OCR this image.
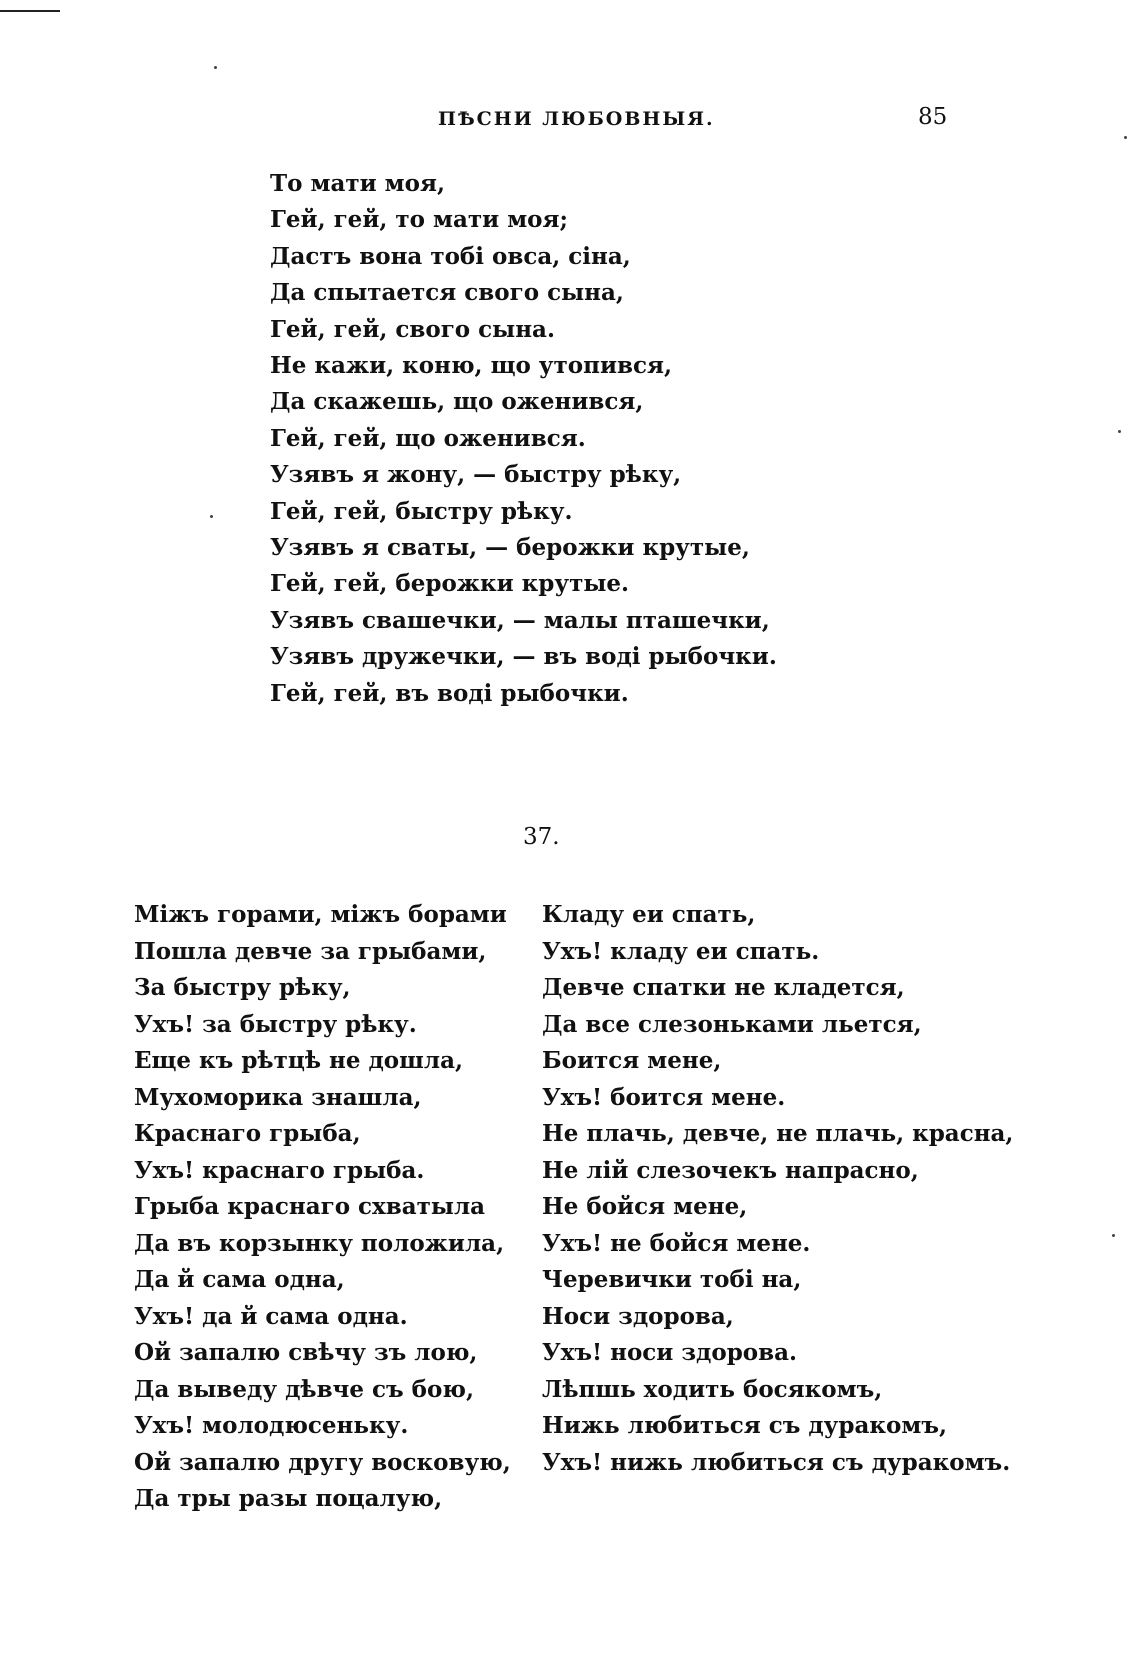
ПѢСНИ ЛЮБОВНЫЯ.	85
То мати моя,
Гей, гей, то мати моя;
Дастъ вона тобі овса, сіна,
Да спытается свого сына,
Гей, гей, свого сына.
Не кажи, коню, що утопився,
Да скажешь, що оженився,
Гей, гей, що оженився.
Узявъ я жону, — быстру рѣку,
Гей, гей, быстру рѣку.
Узявъ я сваты, — берожки крутые,
Гей, гей, берожки крутые.
Узявъ свашечки, — малы пташечки,
Узявъ дружечки, — въ воді рыбочки.
Гей, гей, въ воді рыбочки.
37.
Міжъ горами, міжъ борами
Пошла девче за грыбами,
За быстру рѣку,
Ухъ! за быстру рѣку.
Еще къ рѣтцѣ не дошла,
Мухоморика знашла,
Краснаго грыба,
Ухъ! краснаго грыба.
Грыба краснаго схватыла
Да въ корзынку положила,
Да й сама одна,
Ухъ! да й сама одна.
Ой запалю свѣчу зъ лою,
Да выведу дѣвче съ бою,
Ухъ! молодюсеньку.
Ой запалю другу восковую,
Да тры разы поцалую,
Кладу еи спать,
Ухъ! кладу еи спать.
Девче спатки не кладется,
Да все слезоньками льется,
Боится мене,
Ухъ! боится мене.
Не плачь, девче, не плачь, красна,
Не лій слезочекъ напрасно,
Не бойся мене,
Ухъ! не бойся мене.
Черевички тобі на,
Носи здорова,
Ухъ! носи здорова.
Лѣпшь ходить босякомъ,
Нижь любиться съ дуракомъ,
Ухъ! нижь любиться съ дуракомъ.
